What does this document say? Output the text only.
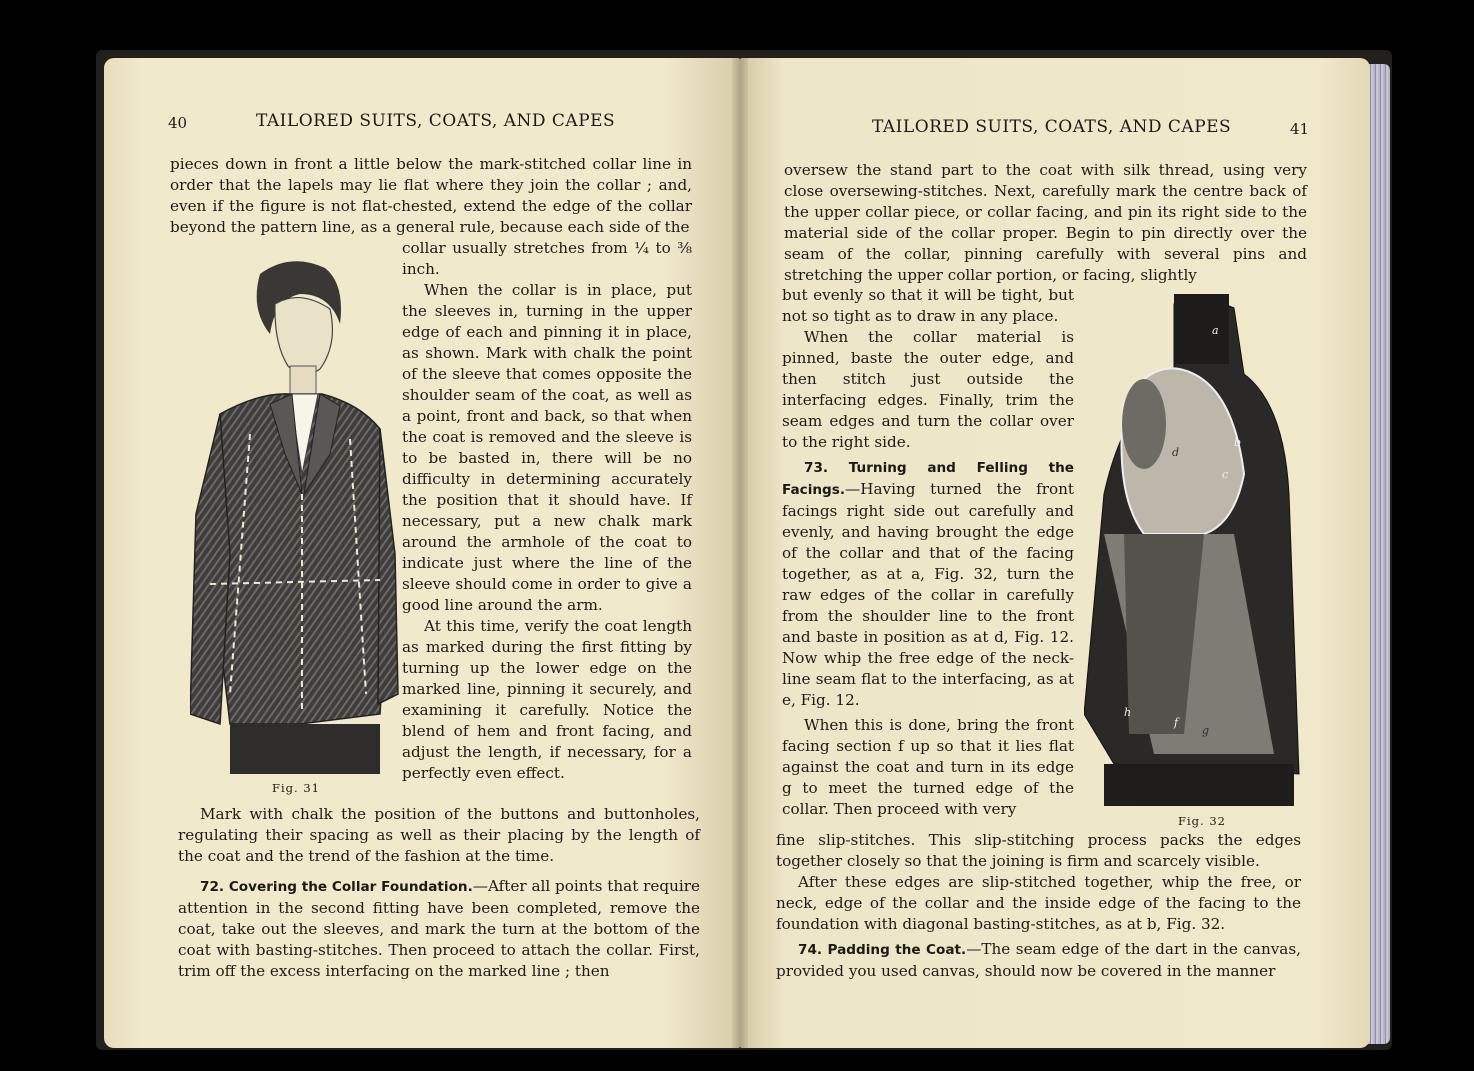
40	TAILORED SUITS, COATS, AND CAPES
pieces down in front a little below the mark-stitched collar line in order that the lapels may lie flat where they join the collar ; and, even if the figure is not flat-chested, extend the edge of the collar beyond the pattern line, as a general rule, because each side of the

collar usually stretches from ¼ to ⅜ inch.

When the collar is in place, put the sleeves in, turning in the upper edge of each and pinning it in place, as shown. Mark with chalk the point of the sleeve that comes opposite the shoulder seam of the coat, as well as a point, front and back, so that when the coat is removed and the sleeve is to be basted in, there will be no difficulty in determining accurately the position that it should have. If necessary, put a new chalk mark around the armhole of the coat to indicate just where the line of the sleeve should come in order to give a good line around the arm.

At this time, verify the coat length as marked during the first fitting by turning up the lower edge on the marked line, pinning it securely, and examining it carefully. Notice the blend of hem and front facing, and adjust the length, if necessary, for a perfectly even effect.

Fig. 31

Mark with chalk the position of the buttons and buttonholes, regulating their spacing as well as their placing by the length of the coat and the trend of the fashion at the time.

72. Covering the Collar Foundation.—After all points that require attention in the second fitting have been completed, remove the coat, take out the sleeves, and mark the turn at the bottom of the coat with basting-stitches. Then proceed to attach the collar. First, trim off the excess interfacing on the marked line ; then

TAILORED SUITS, COATS, AND CAPES	41
oversew the stand part to the coat with silk thread, using very close oversewing-stitches. Next, carefully mark the centre back of the upper collar piece, or collar facing, and pin its right side to the material side of the collar proper. Begin to pin directly over the seam of the collar, pinning carefully with several pins and stretching the upper collar portion, or facing, slightly

but evenly so that it will be tight, but not so tight as to draw in any place.

When the collar material is pinned, baste the outer edge, and then stitch just outside the interfacing edges. Finally, trim the seam edges and turn the collar over to the right side.

73. Turning and Felling the Facings.—Having turned the front facings right side out carefully and evenly, and having brought the edge of the collar and that of the facing together, as at a, Fig. 32, turn the raw edges of the collar in carefully from the shoulder line to the front and baste in position as at d, Fig. 12. Now whip the free edge of the neck-line seam flat to the interfacing, as at e, Fig. 12.

When this is done, bring the front facing section f up so that it lies flat against the coat and turn in its edge g to meet the turned edge of the collar. Then proceed with very

a
b
c
d
h
f
g
Fig. 32

fine slip-stitches. This slip-stitching process packs the edges together closely so that the joining is firm and scarcely visible.

After these edges are slip-stitched together, whip the free, or neck, edge of the collar and the inside edge of the facing to the foundation with diagonal basting-stitches, as at b, Fig. 32.

74. Padding the Coat.—The seam edge of the dart in the canvas, provided you used canvas, should now be covered in the manner
